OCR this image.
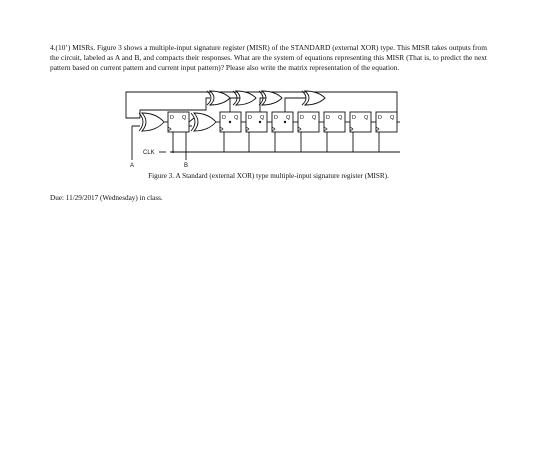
4.(10’) MISRs. Figure 3 shows a multiple-input signature register (MISR) of the STANDARD (external XOR) type. This MISR takes outputs from the circuit, labeled as A and B, and compacts their responses. What are the system of equations representing this MISR (That is, to predict the next pattern based on current pattern and current input pattern)? Please also write the matrix representation of the equation.

D Q	D Q D Q D Q D Q D Q D Q D Q
CLK
A	B

Figure 3. A Standard (external XOR) type multiple-input signature register (MISR).

Due: 11/29/2017 (Wednesday) in class.
